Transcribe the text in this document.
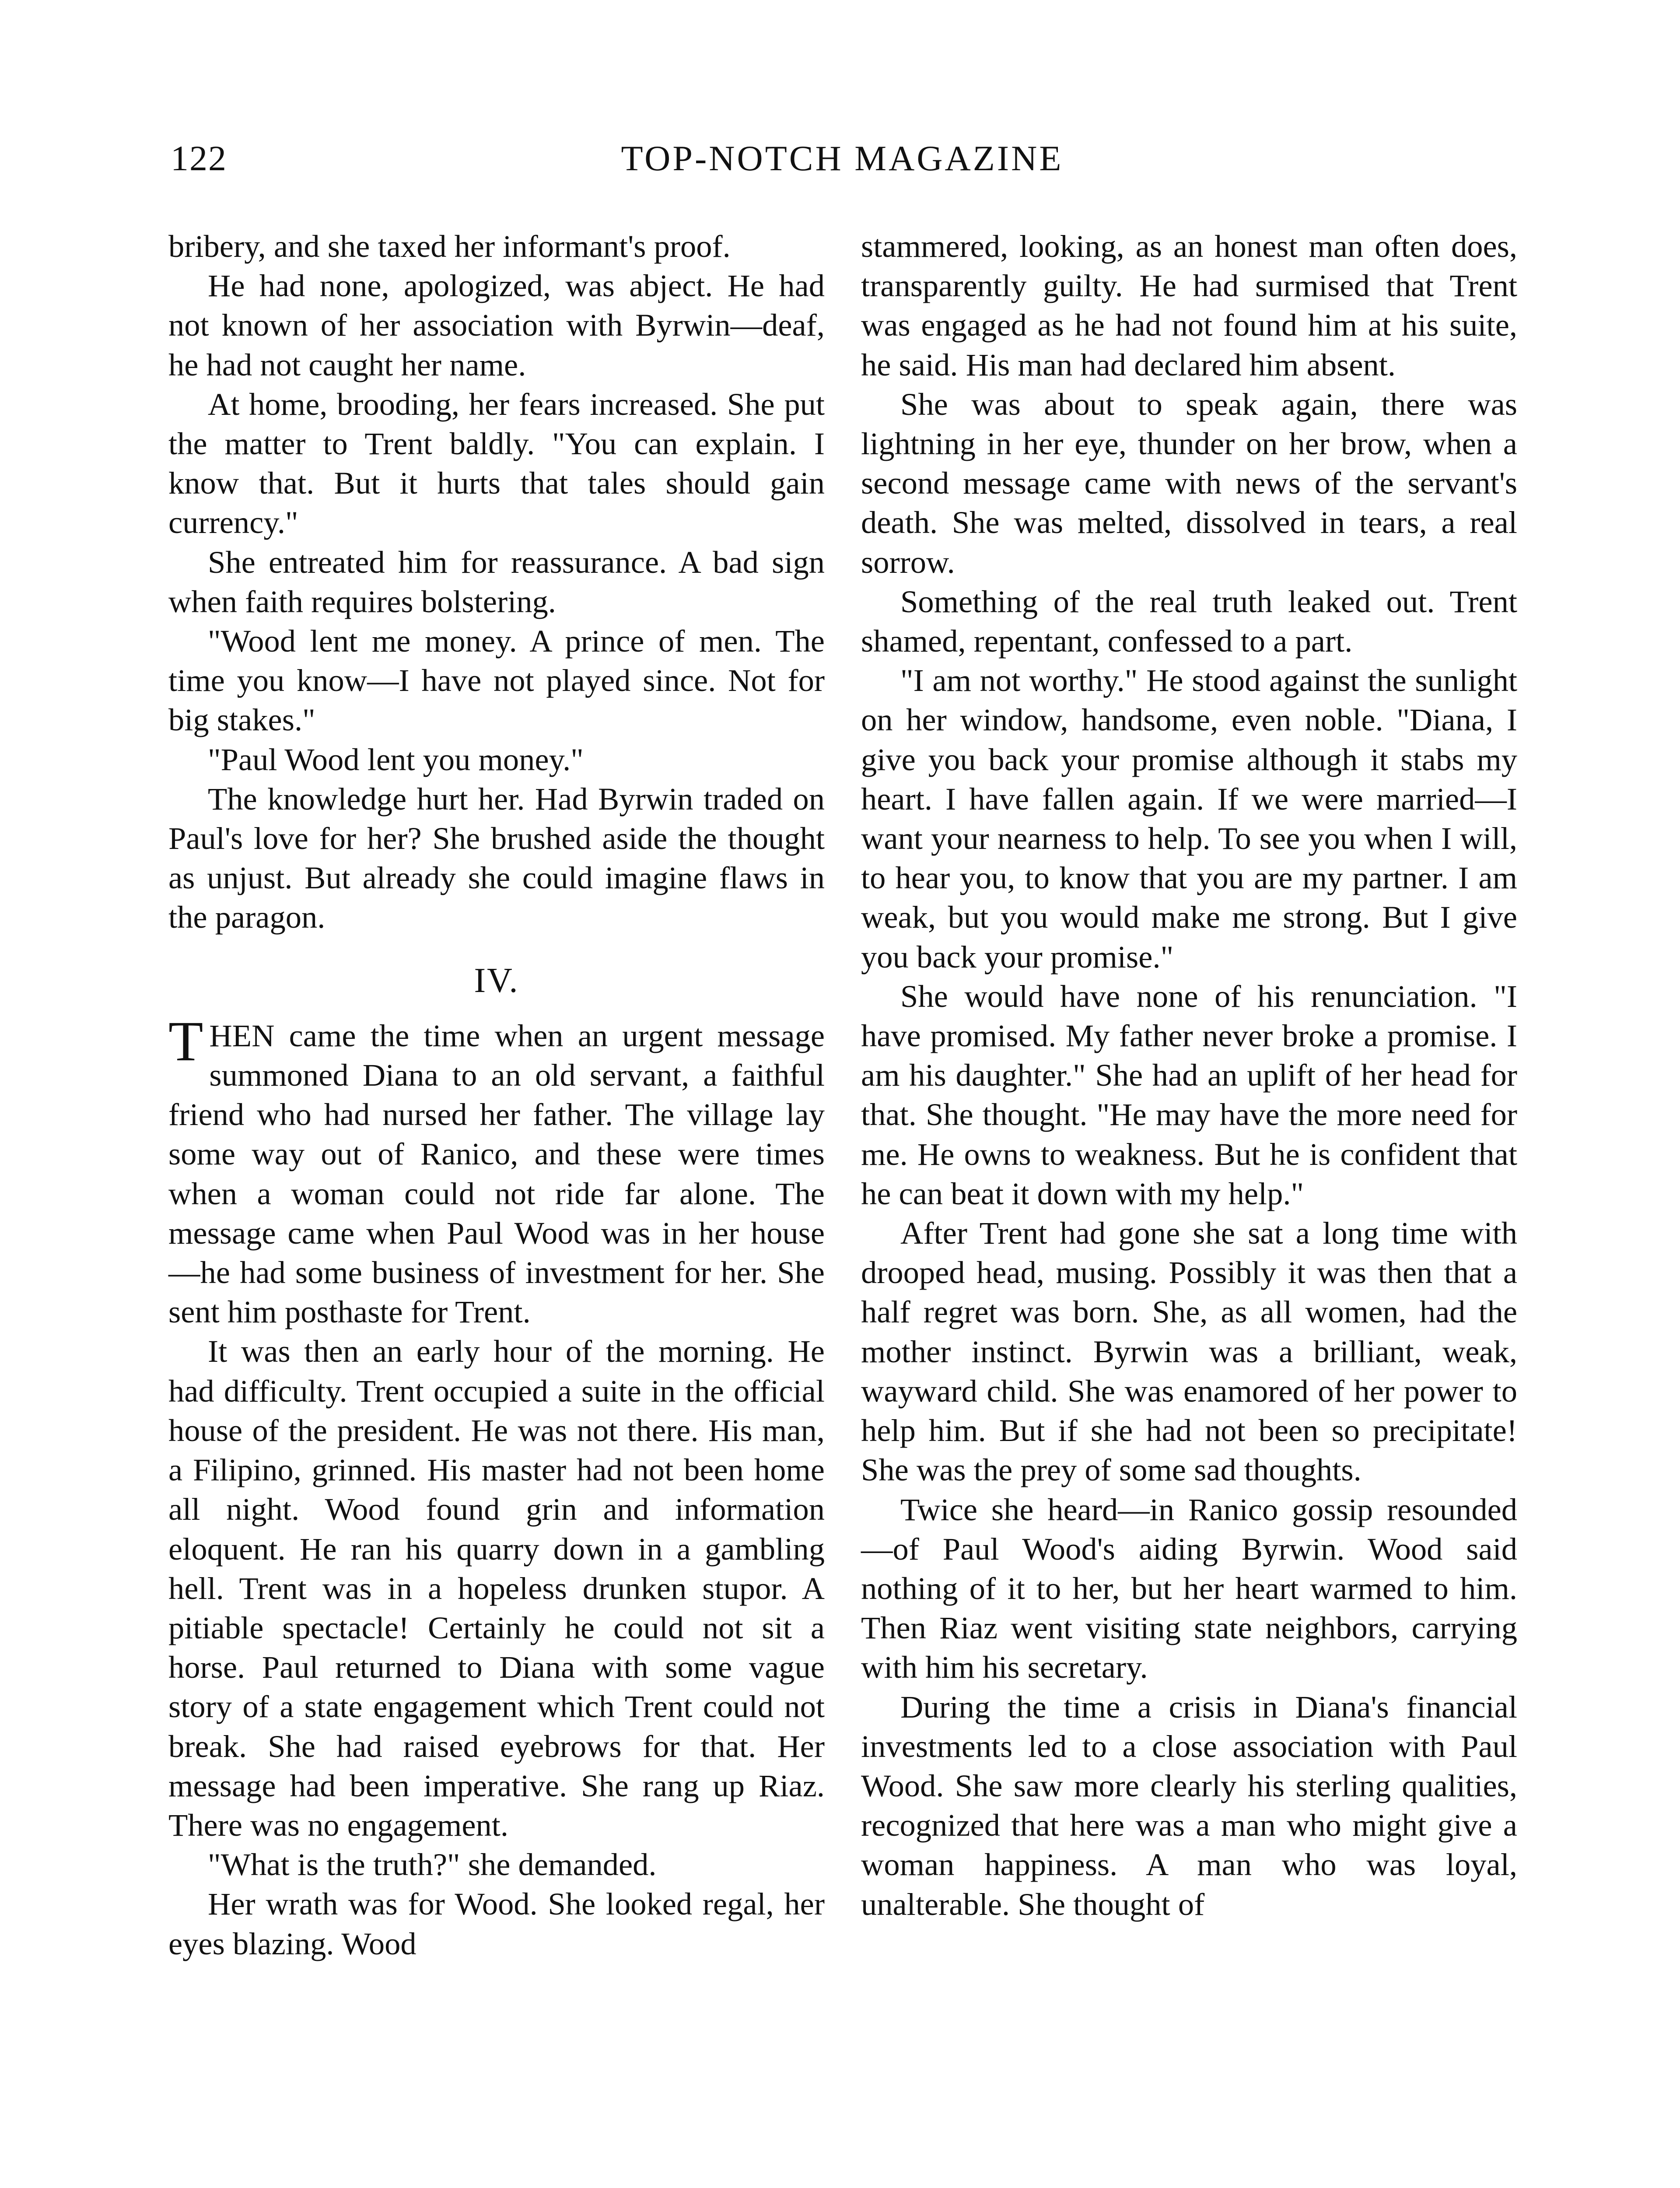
122	TOP-NOTCH MAGAZINE

bribery, and she taxed her informant's proof.

He had none, apologized, was abject. He had not known of her association with Byrwin—deaf, he had not caught her name.

At home, brooding, her fears increased. She put the matter to Trent baldly. "You can explain. I know that. But it hurts that tales should gain currency."

She entreated him for reassurance. A bad sign when faith requires bolstering.

"Wood lent me money. A prince of men. The time you know—I have not played since. Not for big stakes."

"Paul Wood lent you money."

The knowledge hurt her. Had Byrwin traded on Paul's love for her? She brushed aside the thought as unjust. But already she could imagine flaws in the paragon.

IV.

THEN came the time when an urgent message summoned Diana to an old servant, a faithful friend who had nursed her father. The village lay some way out of Ranico, and these were times when a woman could not ride far alone. The message came when Paul Wood was in her house—he had some business of investment for her. She sent him posthaste for Trent.

It was then an early hour of the morning. He had difficulty. Trent occupied a suite in the official house of the president. He was not there. His man, a Filipino, grinned. His master had not been home all night. Wood found grin and information eloquent. He ran his quarry down in a gambling hell. Trent was in a hopeless drunken stupor. A pitiable spectacle! Certainly he could not sit a horse. Paul returned to Diana with some vague story of a state engagement which Trent could not break. She had raised eyebrows for that. Her message had been imperative. She rang up Riaz. There was no engagement.

"What is the truth?" she demanded.

Her wrath was for Wood. She looked regal, her eyes blazing. Wood

stammered, looking, as an honest man often does, transparently guilty. He had surmised that Trent was engaged as he had not found him at his suite, he said. His man had declared him absent.

She was about to speak again, there was lightning in her eye, thunder on her brow, when a second message came with news of the servant's death. She was melted, dissolved in tears, a real sorrow.

Something of the real truth leaked out. Trent shamed, repentant, confessed to a part.

"I am not worthy." He stood against the sunlight on her window, handsome, even noble. "Diana, I give you back your promise although it stabs my heart. I have fallen again. If we were married—I want your nearness to help. To see you when I will, to hear you, to know that you are my partner. I am weak, but you would make me strong. But I give you back your promise."

She would have none of his renunciation. "I have promised. My father never broke a promise. I am his daughter." She had an uplift of her head for that. She thought. "He may have the more need for me. He owns to weakness. But he is confident that he can beat it down with my help."

After Trent had gone she sat a long time with drooped head, musing. Possibly it was then that a half regret was born. She, as all women, had the mother instinct. Byrwin was a brilliant, weak, wayward child. She was enamored of her power to help him. But if she had not been so precipitate! She was the prey of some sad thoughts.

Twice she heard—in Ranico gossip resounded—of Paul Wood's aiding Byrwin. Wood said nothing of it to her, but her heart warmed to him. Then Riaz went visiting state neighbors, carrying with him his secretary.

During the time a crisis in Diana's financial investments led to a close association with Paul Wood. She saw more clearly his sterling qualities, recognized that here was a man who might give a woman happiness. A man who was loyal, unalterable. She thought of
